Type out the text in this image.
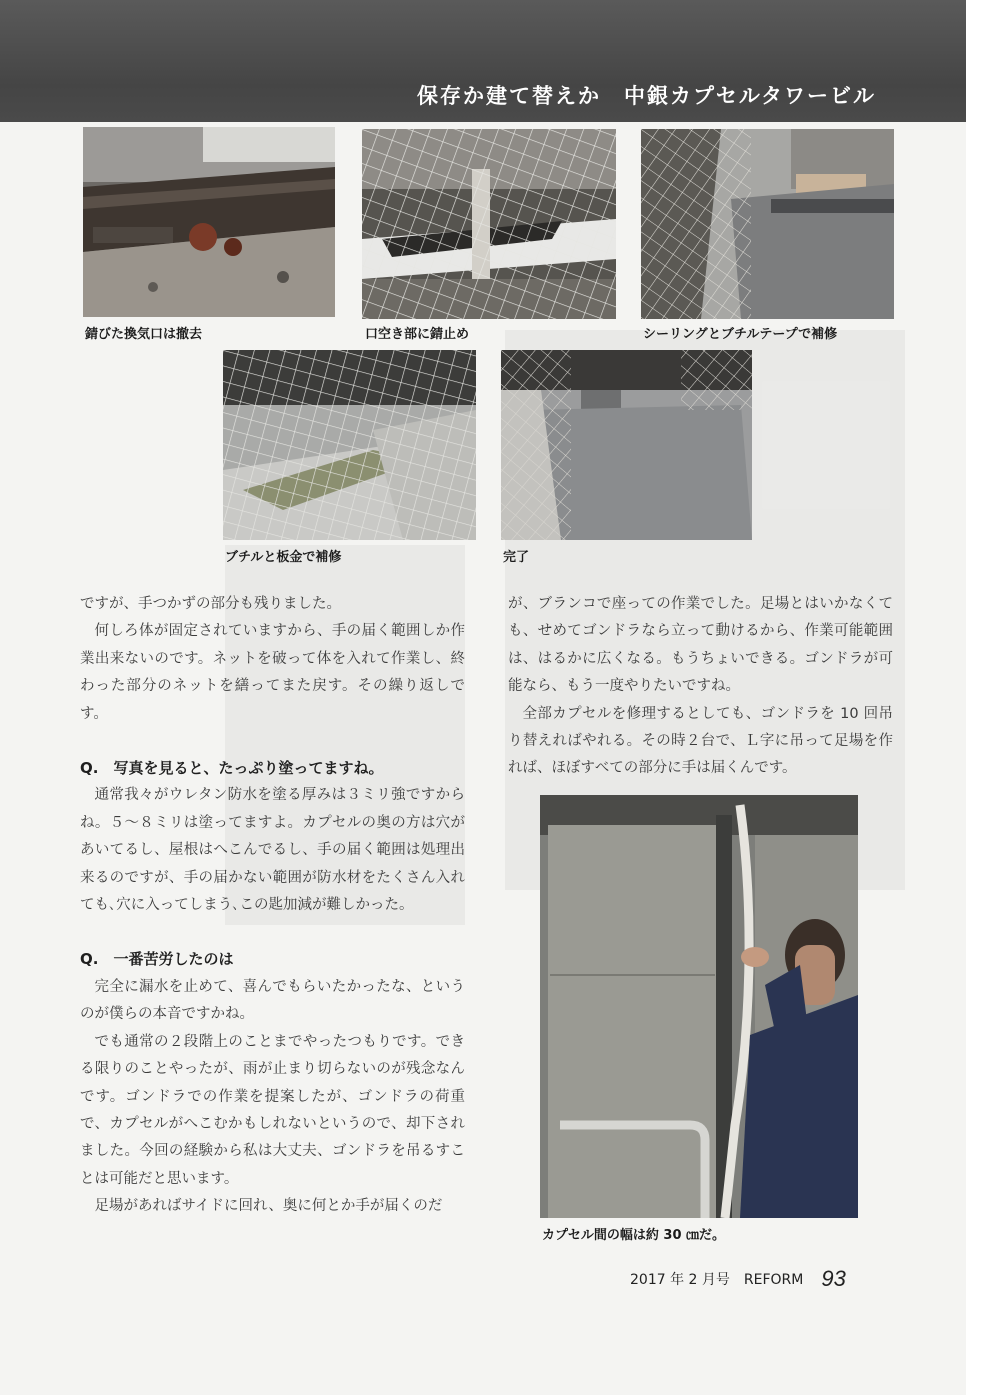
保存か建て替えか　中銀カプセルタワービル
錆びた換気口は撤去	口空き部に錆止め	シーリングとブチルテープで補修
ブチルと板金で補修	完了
カプセル間の幅は約 30 ㎝だ。

ですが、手つかずの部分も残りました。

何しろ体が固定されていますから、手の届く範囲しか作業出来ないのです。ネットを破って体を入れて作業し、終わった部分のネットを繕ってまた戻す。その繰り返しです。

Q.　写真を見ると、たっぷり塗ってますね。

通常我々がウレタン防水を塗る厚みは３ミリ強ですからね。５〜８ミリは塗ってますよ。カプセルの奥の方は穴があいてるし、屋根はへこんでるし、手の届く範囲は処理出来るのですが、手の届かない範囲が防水材をたくさん入れても､穴に入ってしまう､この匙加減が難しかった。

Q.　一番苦労したのは

完全に漏水を止めて、喜んでもらいたかったな、というのが僕らの本音ですかね。

でも通常の２段階上のことまでやったつもりです。できる限りのことやったが、雨が止まり切らないのが残念なんです。ゴンドラでの作業を提案したが、ゴンドラの荷重で、カプセルがへこむかもしれないというので、却下されました。今回の経験から私は大丈夫、ゴンドラを吊るすことは可能だと思います。

足場があればサイドに回れ、奥に何とか手が届くのだ

が、ブランコで座っての作業でした。足場とはいかなくても、せめてゴンドラなら立って動けるから、作業可能範囲は、はるかに広くなる。もうちょいできる。ゴンドラが可能なら、もう一度やりたいですね。

全部カプセルを修理するとしても、ゴンドラを 10 回吊り替えればやれる。その時２台で、Ｌ字に吊って足場を作れば、ほぼすべての部分に手は届くんです。

2017 年 2 月号　REFORM 93
